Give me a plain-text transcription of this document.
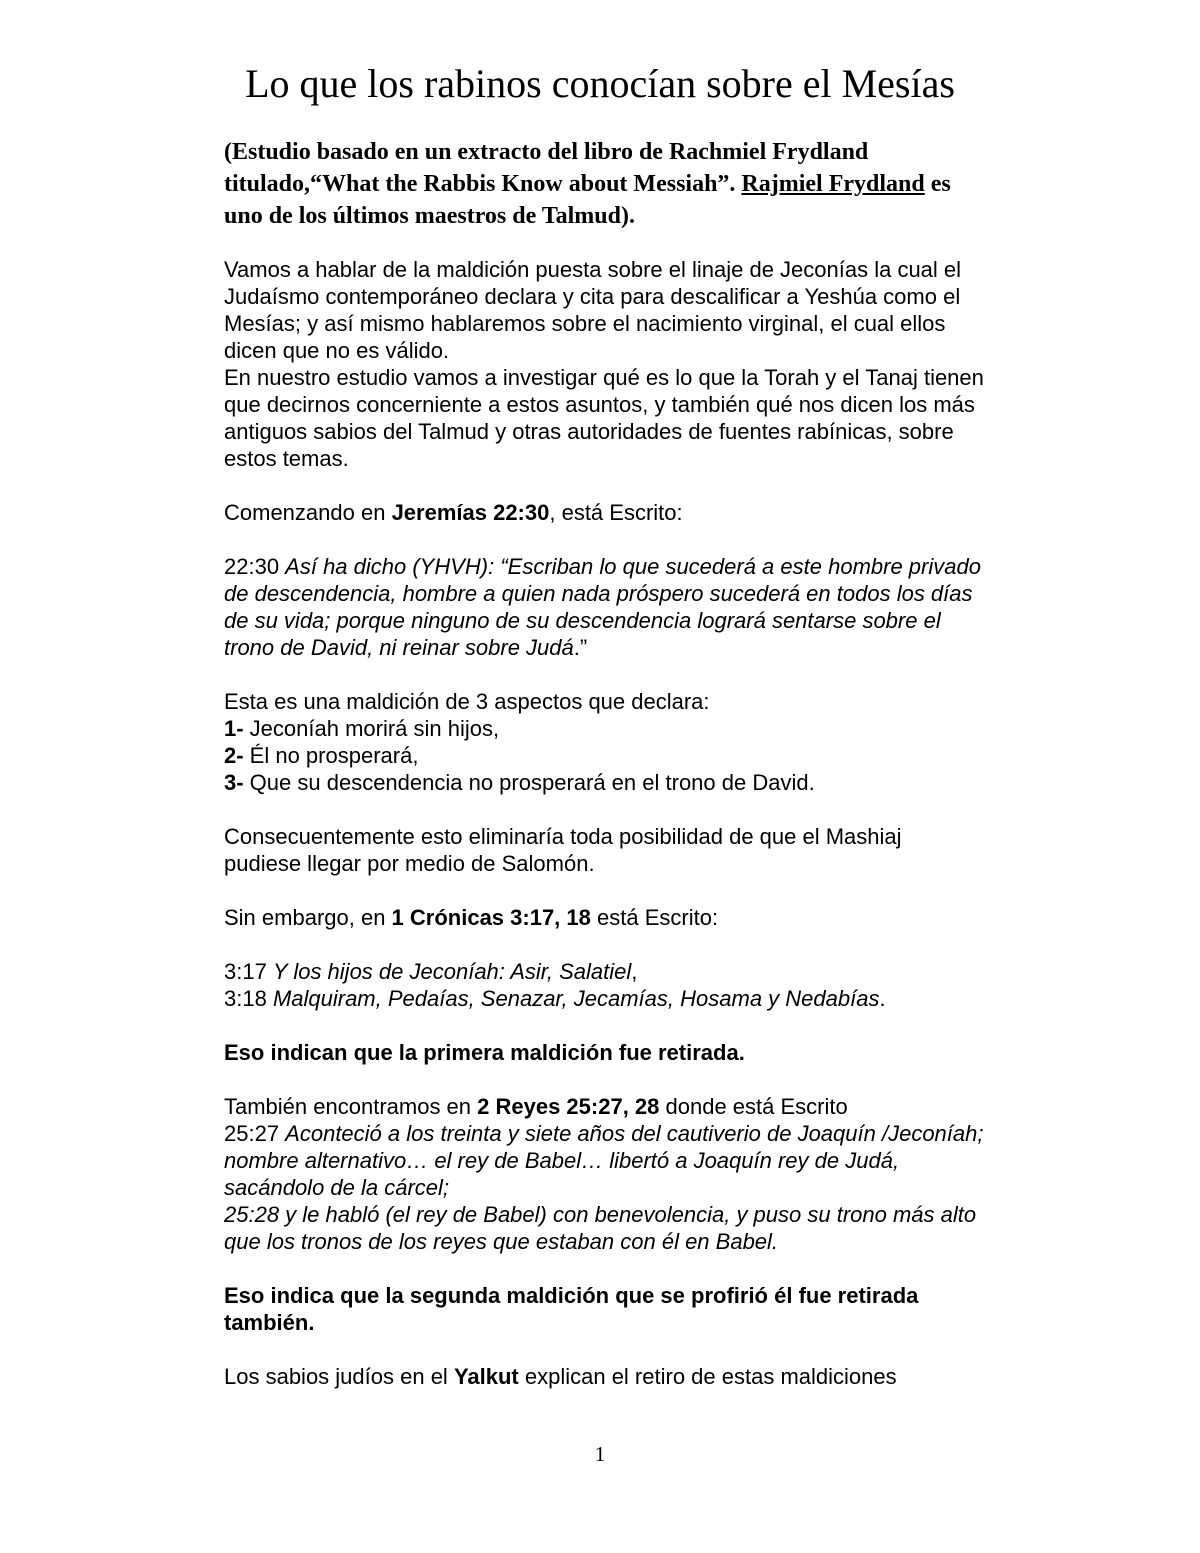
Lo que los rabinos conocían sobre el Mesías

(Estudio basado en un extracto del libro de Rachmiel Frydland titulado,“What the Rabbis Know about Messiah”. Rajmiel Frydland es uno de los últimos maestros de Talmud).

Vamos a hablar de la maldición puesta sobre el linaje de Jeconías la cual el Judaísmo contemporáneo declara y cita para descalificar a Yeshúa como el Mesías; y así mismo hablaremos sobre el nacimiento virginal, el cual ellos dicen que no es válido.

En nuestro estudio vamos a investigar qué es lo que la Torah y el Tanaj tienen que decirnos concerniente a estos asuntos, y también qué nos dicen los más antiguos sabios del Talmud y otras autoridades de fuentes rabínicas, sobre estos temas.

Comenzando en Jeremías 22:30, está Escrito:

22:30 Así ha dicho (YHVH): “Escriban lo que sucederá a este hombre privado de descendencia, hombre a quien nada próspero sucederá en todos los días de su vida; porque ninguno de su descendencia logrará sentarse sobre el trono de David, ni reinar sobre Judá.”

Esta es una maldición de 3 aspectos que declara:

1- Jeconíah morirá sin hijos,

2- Él no prosperará,

3- Que su descendencia no prosperará en el trono de David.

Consecuentemente esto eliminaría toda posibilidad de que el Mashiaj pudiese llegar por medio de Salomón.

Sin embargo, en 1 Crónicas 3:17, 18 está Escrito:

3:17 Y los hijos de Jeconíah: Asir, Salatiel,

3:18 Malquiram, Pedaías, Senazar, Jecamías, Hosama y Nedabías.

Eso indican que la primera maldición fue retirada.

También encontramos en 2 Reyes 25:27, 28 donde está Escrito

25:27 Aconteció a los treinta y siete años del cautiverio de Joaquín /Jeconíah; nombre alternativo… el rey de Babel… libertó a Joaquín rey de Judá, sacándolo de la cárcel;

25:28 y le habló (el rey de Babel) con benevolencia, y puso su trono más alto que los tronos de los reyes que estaban con él en Babel.

Eso indica que la segunda maldición que se profirió él fue retirada también.

Los sabios judíos en el Yalkut explican el retiro de estas maldiciones

1
